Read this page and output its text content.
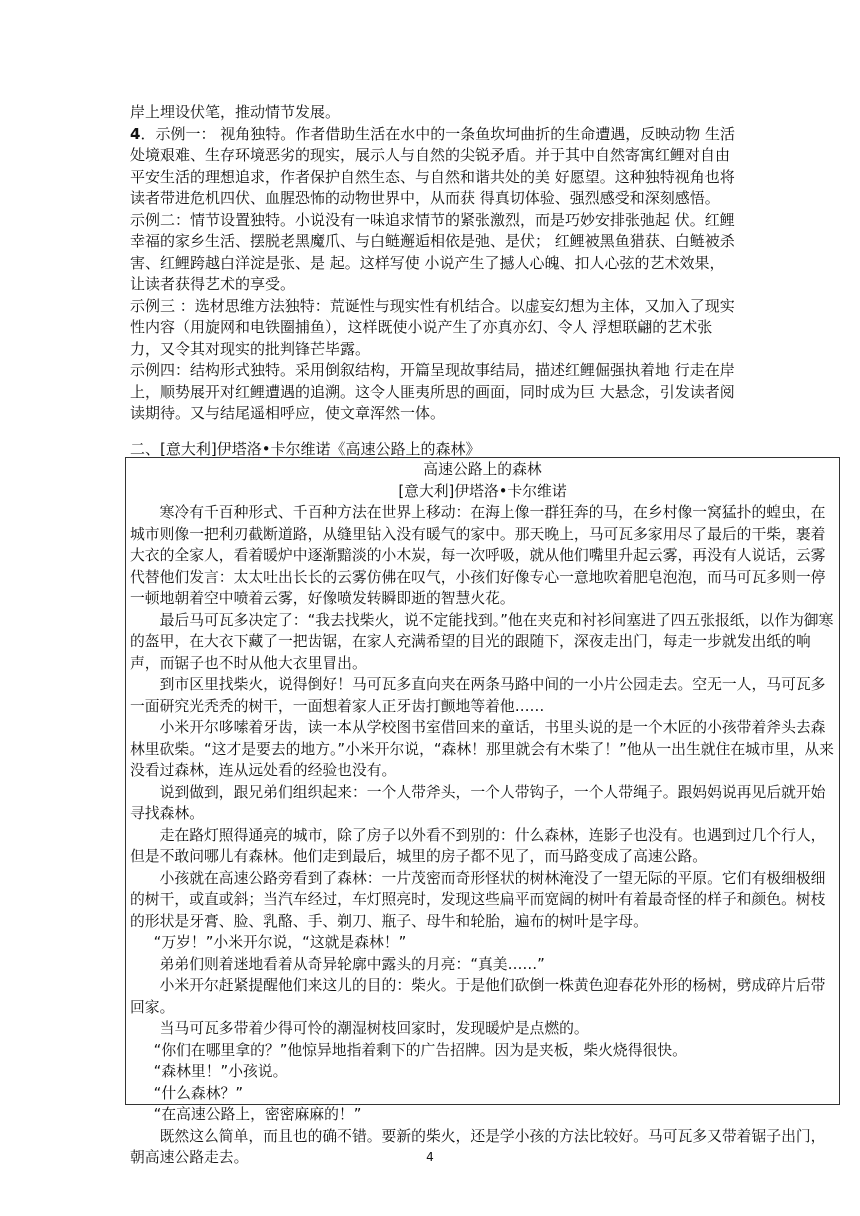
岸上埋设伏笔，推动情节发展。

4．示例一： 视角独特。作者借助生活在水中的一条鱼坎坷曲折的生命遭遇，反映动物 生活处境艰难、生存环境恶劣的现实，展示人与自然的尖锐矛盾。并于其中自然寄寓红鲤对自由平安生活的理想追求，作者保护自然生态、与自然和谐共处的美 好愿望。这种独特视角也将读者带进危机四伏、血腥恐怖的动物世界中，从而获 得真切体验、强烈感受和深刻感悟。

示例二：情节设置独特。小说没有一味追求情节的紧张激烈，而是巧妙安排张弛起 伏。红鲤幸福的家乡生活、摆脱老黑魔爪、与白鲢邂逅相依是弛、是伏； 红鲤被黑鱼猎获、白鲢被杀害、红鲤跨越白洋淀是张、是 起。这样写使 小说产生了撼人心魄、扣人心弦的艺术效果，让读者获得艺术的享受。

示例三 ：选材思维方法独特：荒诞性与现实性有机结合。以虚妄幻想为主体，又加入了现实性内容（用旋网和电铁圈捕鱼），这样既使小说产生了亦真亦幻、令人 浮想联翩的艺术张力，又令其对现实的批判锋芒毕露。

示例四：结构形式独特。采用倒叙结构，开篇呈现故事结局，描述红鲤倔强执着地 行走在岸上，顺势展开对红鲤遭遇的追溯。这令人匪夷所思的画面，同时成为巨 大悬念，引发读者阅读期待。又与结尾遥相呼应，使文章浑然一体。

二、[意大利]伊塔洛•卡尔维诺《高速公路上的森林》

高速公路上的森林

[意大利]伊塔洛•卡尔维诺

寒冷有千百种形式、千百种方法在世界上移动：在海上像一群狂奔的马，在乡村像一窝猛扑的蝗虫，在城市则像一把利刃截断道路，从缝里钻入没有暖气的家中。那天晚上，马可瓦多家用尽了最后的干柴，裹着大衣的全家人，看着暖炉中逐渐黯淡的小木炭，每一次呼吸，就从他们嘴里升起云雾，再没有人说话，云雾代替他们发言：太太吐出长长的云雾仿佛在叹气，小孩们好像专心一意地吹着肥皂泡泡，而马可瓦多则一停一顿地朝着空中喷着云雾，好像喷发转瞬即逝的智慧火花。

最后马可瓦多决定了：“我去找柴火，说不定能找到。”他在夹克和衬衫间塞进了四五张报纸，以作为御寒的盔甲，在大衣下藏了一把齿锯，在家人充满希望的目光的跟随下，深夜走出门，每走一步就发出纸的响声，而锯子也不时从他大衣里冒出。

到市区里找柴火，说得倒好！马可瓦多直向夹在两条马路中间的一小片公园走去。空无一人，马可瓦多一面研究光秃秃的树干，一面想着家人正牙齿打颤地等着他……

小米开尔哆嗦着牙齿，读一本从学校图书室借回来的童话，书里头说的是一个木匠的小孩带着斧头去森林里砍柴。“这才是要去的地方。”小米开尔说，“森林！那里就会有木柴了！”他从一出生就住在城市里，从来没看过森林，连从远处看的经验也没有。

说到做到，跟兄弟们组织起来：一个人带斧头，一个人带钩子，一个人带绳子。跟妈妈说再见后就开始寻找森林。

走在路灯照得通亮的城市，除了房子以外看不到别的：什么森林，连影子也没有。也遇到过几个行人，但是不敢问哪儿有森林。他们走到最后，城里的房子都不见了，而马路变成了高速公路。

小孩就在高速公路旁看到了森林：一片茂密而奇形怪状的树林淹没了一望无际的平原。它们有极细极细的树干，或直或斜；当汽车经过，车灯照亮时，发现这些扁平而宽阔的树叶有着最奇怪的样子和颜色。树枝的形状是牙膏、脸、乳酪、手、剃刀、瓶子、母牛和轮胎，遍布的树叶是字母。

“万岁！”小米开尔说，“这就是森林！”

弟弟们则着迷地看着从奇异轮廓中露头的月亮：“真美……”

小米开尔赶紧提醒他们来这儿的目的：柴火。于是他们砍倒一株黄色迎春花外形的杨树，劈成碎片后带回家。

当马可瓦多带着少得可怜的潮湿树枝回家时，发现暖炉是点燃的。

“你们在哪里拿的？”他惊异地指着剩下的广告招牌。因为是夹板，柴火烧得很快。

“森林里！”小孩说。

“什么森林？”

“在高速公路上，密密麻麻的！”

既然这么简单，而且也的确不错。要新的柴火，还是学小孩的方法比较好。马可瓦多又带着锯子出门，朝高速公路走去。	4
